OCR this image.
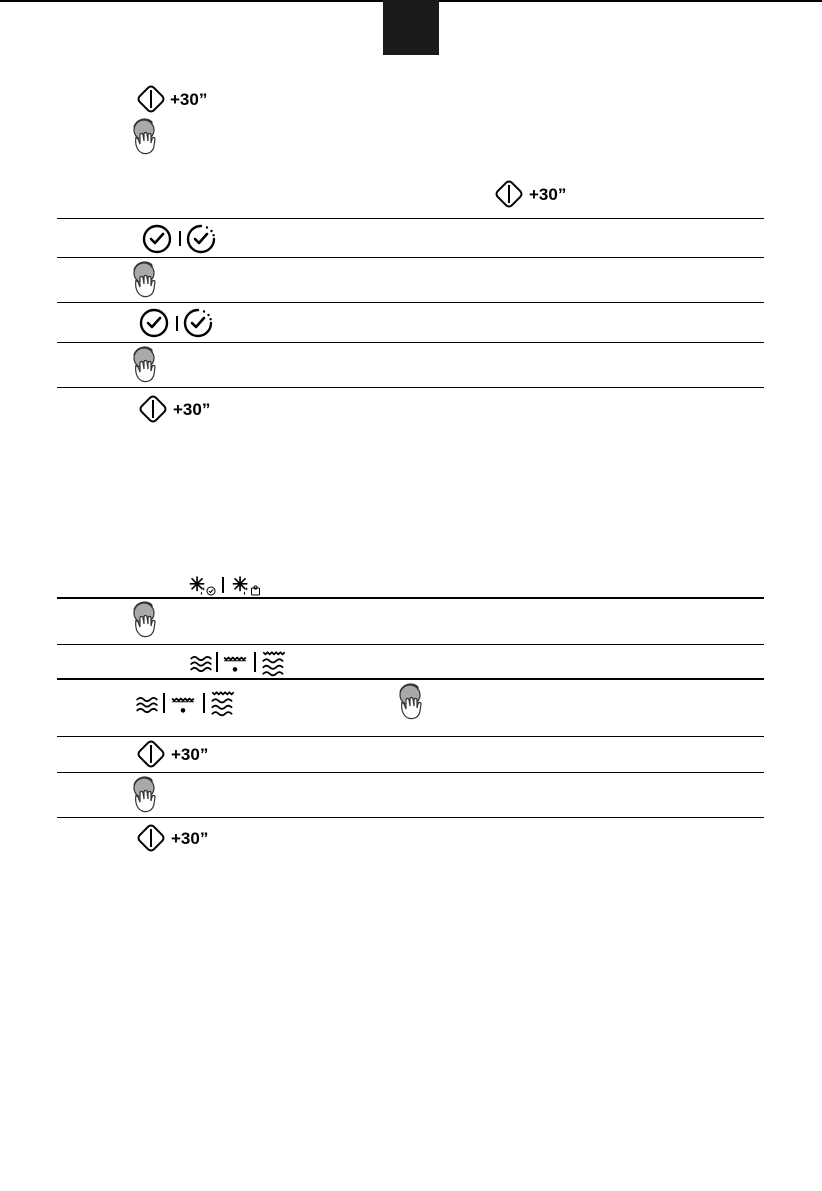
+30”
+30”
+30”
+30”
+30”
